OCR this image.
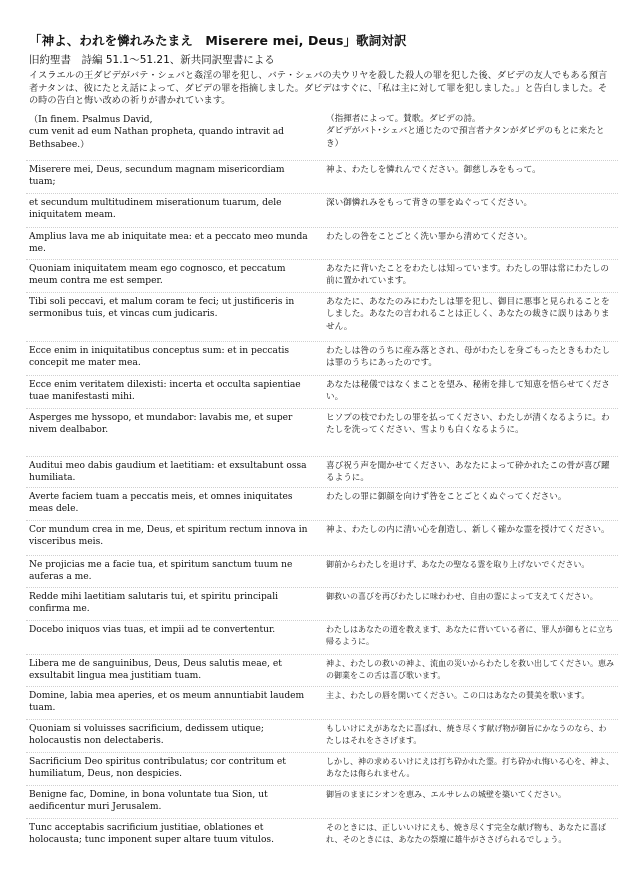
「神よ、われを憐れみたまえ　Miserere mei, Deus」歌詞対訳
旧約聖書　詩編 51.1～51.21、新共同訳聖書による
イスラエルの王ダビデがバテ・シェバと姦淫の罪を犯し、バテ・シェバの夫ウリヤを殺した殺人の罪を犯した後、ダビデの友人でもある預言者ナタンは、彼にたとえ話によって、ダビデの罪を指摘しました。ダビデはすぐに、「私は主に対して罪を犯しました。」と告白しました。その時の告白と悔い改めの祈りが書かれています。
（In finem. Psalmus David,
cum venit ad eum Nathan propheta, quando intravit ad Bethsabee.）
（指揮者によって。賛歌。ダビデの詩。
ダビデがバト･シェバと通じたので預言者ナタンがダビデのもとに来たとき）
Miserere mei, Deus, secundum magnam misericordiam tuam;
神よ、わたしを憐れんでください。御慈しみをもって。
et secundum multitudinem miserationum tuarum, dele iniquitatem meam.
深い御憐れみをもって背きの罪をぬぐってください。
Amplius lava me ab iniquitate mea: et a peccato meo munda me.
わたしの咎をことごとく洗い罪から清めてください。
Quoniam iniquitatem meam ego cognosco, et peccatum meum contra me est semper.
あなたに背いたことをわたしは知っています。わたしの罪は常にわたしの前に置かれています。
Tibi soli peccavi, et malum coram te feci; ut justificeris in sermonibus tuis, et vincas cum judicaris.
あなたに、あなたのみにわたしは罪を犯し、御目に悪事と見られることをしました。あなたの言われることは正しく、あなたの裁きに誤りはありません。
Ecce enim in iniquitatibus conceptus sum: et in peccatis concepit me mater mea.
わたしは咎のうちに産み落とされ、母がわたしを身ごもったときもわたしは罪のうちにあったのです。
Ecce enim veritatem dilexisti: incerta et occulta sapientiae tuae manifestasti mihi.
あなたは秘儀ではなくまことを望み、秘術を排して知恵を悟らせてください。
Asperges me hyssopo, et mundabor: lavabis me, et super nivem dealbabor.
ヒソプの枝でわたしの罪を払ってください、わたしが清くなるように。わたしを洗ってください、雪よりも白くなるように。
Auditui meo dabis gaudium et laetitiam: et exsultabunt ossa humiliata.
喜び祝う声を聞かせてください、あなたによって砕かれたこの骨が喜び躍るように。
Averte faciem tuam a peccatis meis, et omnes iniquitates meas dele.
わたしの罪に御顔を向けず咎をことごとくぬぐってください。
Cor mundum crea in me, Deus, et spiritum rectum innova in visceribus meis.
神よ、わたしの内に清い心を創造し、新しく確かな霊を授けてください。
Ne projicias me a facie tua, et spiritum sanctum tuum ne auferas a me.
御前からわたしを退けず、あなたの聖なる霊を取り上げないでください。
Redde mihi laetitiam salutaris tui, et spiritu principali confirma me.
御救いの喜びを再びわたしに味わわせ、自由の霊によって支えてください。
Docebo iniquos vias tuas, et impii ad te convertentur.	わたしはあなたの道を教えます、あなたに背いている者に、罪人が御もとに立ち帰るように。
Libera me de sanguinibus, Deus, Deus salutis meae, et exsultabit lingua mea justitiam tuam.
神よ、わたしの救いの神よ、流血の災いからわたしを救い出してください。恵みの御業をこの舌は喜び歌います。
Domine, labia mea aperies, et os meum annuntiabit laudem tuam.
主よ、わたしの唇を開いてください。この口はあなたの賛美を歌います。
Quoniam si voluisses sacrificium, dedissem utique; holocaustis non delectaberis.
もしいけにえがあなたに喜ばれ、焼き尽くす献げ物が御旨にかなうのなら、わたしはそれをささげます。
Sacrificium Deo spiritus contribulatus; cor contritum et humiliatum, Deus, non despicies.
しかし、神の求めるいけにえは打ち砕かれた霊。打ち砕かれ悔いる心を、神よ、あなたは侮られません。
Benigne fac, Domine, in bona voluntate tua Sion, ut aedificentur muri Jerusalem.
御旨のままにシオンを恵み、エルサレムの城壁を築いてください。
Tunc acceptabis sacrificium justitiae, oblationes et holocausta; tunc imponent super altare tuum vitulos.
そのときには、正しいいけにえも、焼き尽くす完全な献げ物も、あなたに喜ばれ、そのときには、あなたの祭壇に雄牛がささげられるでしょう。
